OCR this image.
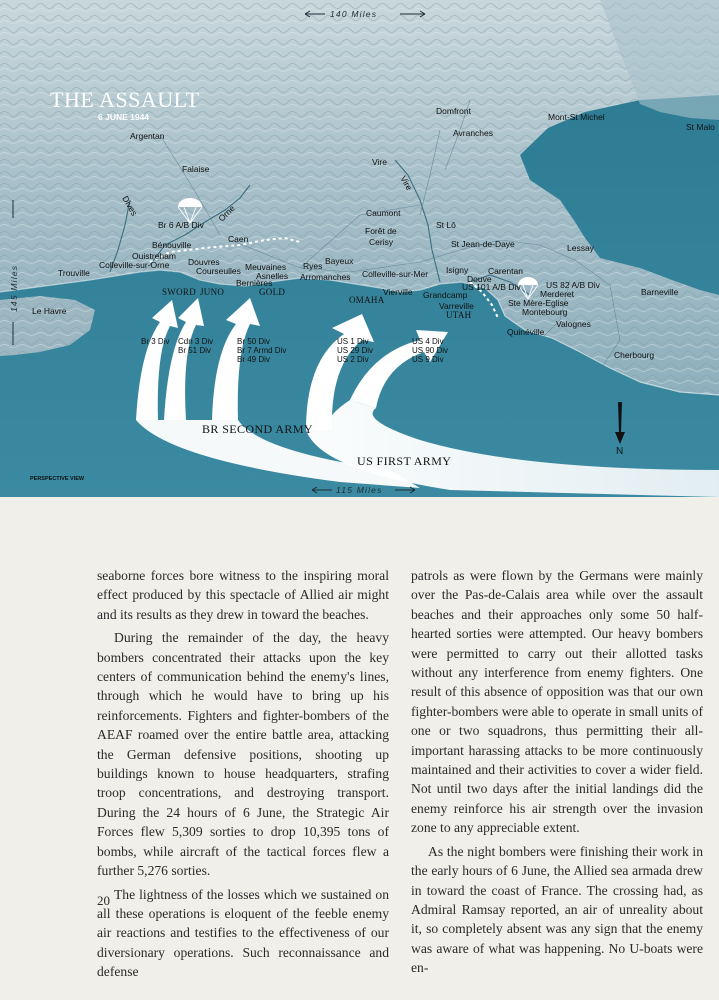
THE ASSAULT
6 JUNE 1944
140 Miles
115 Miles
145 Miles
PERSPECTIVE VIEW
N
Argentan
Falaise
Domfront
Avranches
Mont-St Michel
St Malo
Vire
Vire
Dives	Orne	Caumont
Forêt de
Cerisy
St Lô
St Jean-de-Daye	Lessay
Caen
Bénouville
Ouistreham
Colleville-sur-Orne
Trouville
Le Havre
Douvres
Courseulles Meuvaines
Asnelles
Bernières
Ryes Bayeux
Arromanches Colleville-sur-Mer
Vierville Grandcamp
Isigny Carentan
Douve
Varreville	Ste Mère-Eglise
Montebourg
Merderet
Valognes
Quinéville
Barneville
Cherbourg
SWORD JUNO	GOLD
OMAHA
UTAH
Br 6 A/B Div
US 101 A/B Div	US 82 A/B Div
Br 3 Div Cdn 3 Div
Br 51 Div
Br 50 Div
Br 7 Armd Div
Br 49 Div
US 1 Div
US 29 Div
US 2 Div
US 4 Div
US 90 Div
US 9 Div
BR SECOND ARMY
US FIRST ARMY

seaborne forces bore witness to the inspiring moral effect produced by this spectacle of Allied air might and its results as they drew in toward the beaches.

During the remainder of the day, the heavy bombers concentrated their attacks upon the key centers of communication behind the enemy's lines, through which he would have to bring up his reinforcements. Fighters and fighter-bombers of the AEAF roamed over the entire battle area, attacking the German defensive positions, shooting up buildings known to house headquarters, strafing troop concentrations, and destroying transport. During the 24 hours of 6 June, the Strategic Air Forces flew 5,309 sorties to drop 10,395 tons of bombs, while aircraft of the tactical forces flew a further 5,276 sorties.

The lightness of the losses which we sustained on all these operations is eloquent of the feeble enemy air reactions and testifies to the effectiveness of our diversionary operations. Such reconnaissance and defense

patrols as were flown by the Germans were mainly over the Pas-de-Calais area while over the assault beaches and their approaches only some 50 half-hearted sorties were attempted. Our heavy bombers were permitted to carry out their allotted tasks without any interference from enemy fighters. One result of this absence of opposition was that our own fighter-bombers were able to operate in small units of one or two squadrons, thus permitting their all-important harassing attacks to be more continuously maintained and their activities to cover a wider field. Not until two days after the initial landings did the enemy reinforce his air strength over the invasion zone to any appreciable extent.

As the night bombers were finishing their work in the early hours of 6 June, the Allied sea armada drew in toward the coast of France. The crossing had, as Admiral Ramsay reported, an air of unreality about it, so completely absent was any sign that the enemy was aware of what was happening. No U-boats were en-

20
